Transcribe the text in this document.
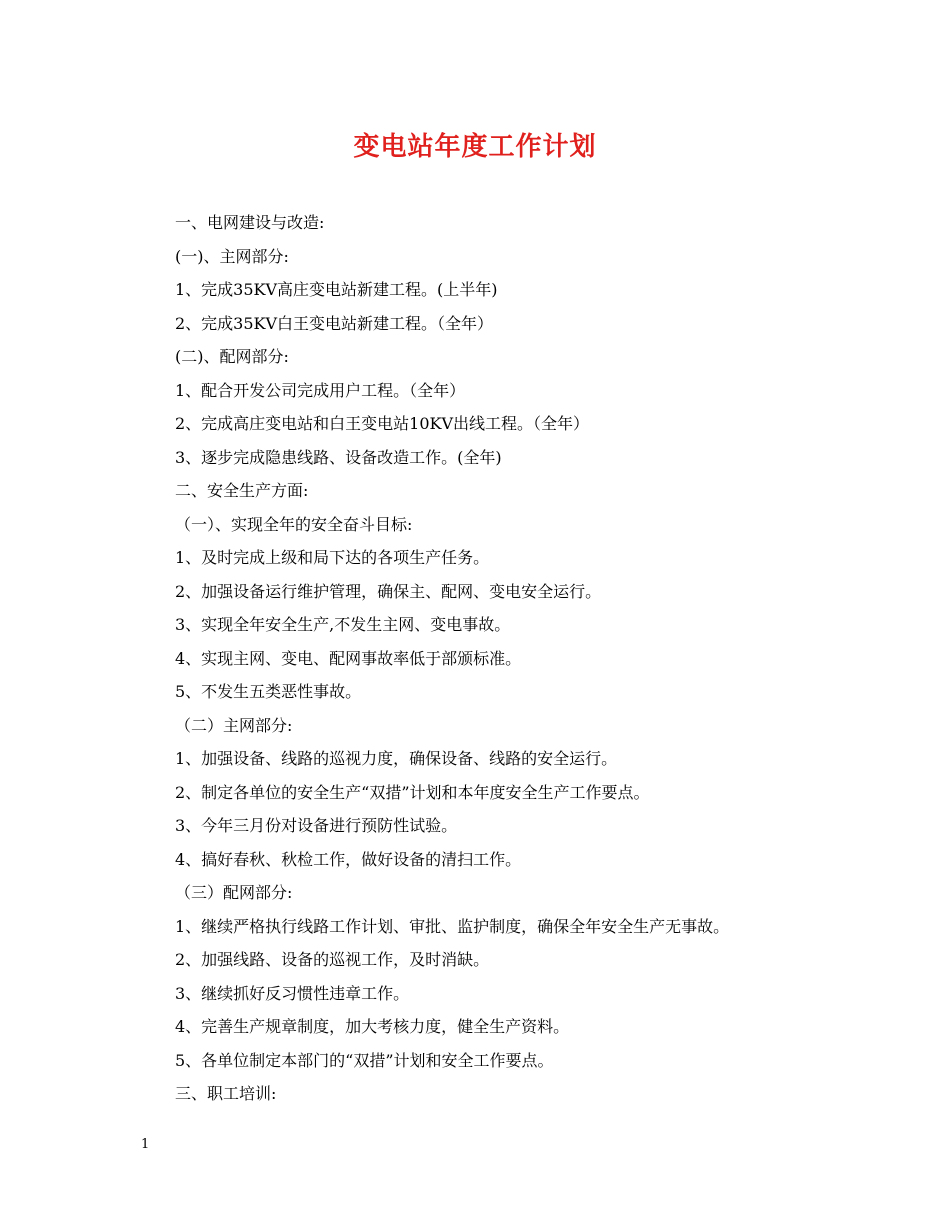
变电站年度工作计划
一、电网建设与改造:
(一)、主网部分:
1、完成35KV高庄变电站新建工程。(上半年)
2、完成35KV白王变电站新建工程。（全年）
(二)、配网部分:
1、配合开发公司完成用户工程。（全年）
2、完成高庄变电站和白王变电站10KV出线工程。（全年）
3、逐步完成隐患线路、设备改造工作。(全年)
二、安全生产方面:
（一）、实现全年的安全奋斗目标:
1、及时完成上级和局下达的各项生产任务。
2、加强设备运行维护管理，确保主、配网、变电安全运行。
3、实现全年安全生产,不发生主网、变电事故。
4、实现主网、变电、配网事故率低于部颁标准。
5、不发生五类恶性事故。
（二）主网部分:
1、加强设备、线路的巡视力度，确保设备、线路的安全运行。
2、制定各单位的安全生产“双措”计划和本年度安全生产工作要点。
3、今年三月份对设备进行预防性试验。
4、搞好春秋、秋检工作，做好设备的清扫工作。
（三）配网部分:
1、继续严格执行线路工作计划、审批、监护制度，确保全年安全生产无事故。
2、加强线路、设备的巡视工作，及时消缺。
3、继续抓好反习惯性违章工作。
4、完善生产规章制度，加大考核力度，健全生产资料。
5、各单位制定本部门的“双措”计划和安全工作要点。
三、职工培训:
1
